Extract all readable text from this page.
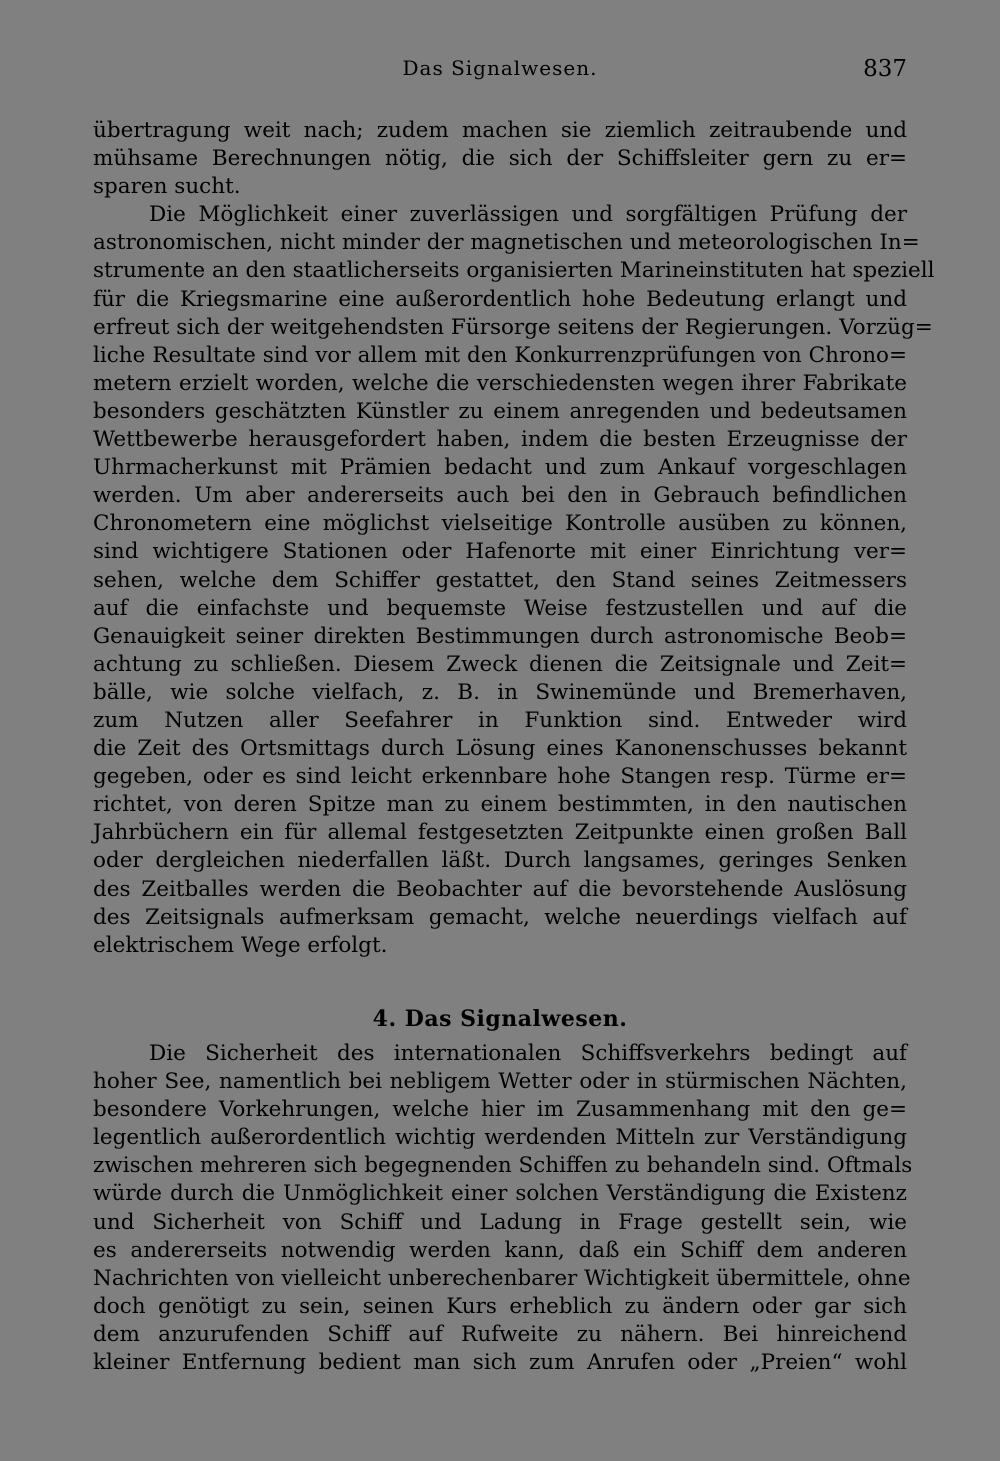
Das Signalwesen.	837
übertragung weit nach; zudem machen sie ziemlich zeitraubende und
mühsame Berechnungen nötig, die sich der Schiffsleiter gern zu er=
sparen sucht.
Die Möglichkeit einer zuverlässigen und sorgfältigen Prüfung der
astronomischen, nicht minder der magnetischen und meteorologischen In=
strumente an den staatlicherseits organisierten Marineinstituten hat speziell
für die Kriegsmarine eine außerordentlich hohe Bedeutung erlangt und
erfreut sich der weitgehendsten Fürsorge seitens der Regierungen. Vorzüg=
liche Resultate sind vor allem mit den Konkurrenzprüfungen von Chrono=
metern erzielt worden, welche die verschiedensten wegen ihrer Fabrikate
besonders geschätzten Künstler zu einem anregenden und bedeutsamen
Wettbewerbe herausgefordert haben, indem die besten Erzeugnisse der
Uhrmacherkunst mit Prämien bedacht und zum Ankauf vorgeschlagen
werden. Um aber andererseits auch bei den in Gebrauch befindlichen
Chronometern eine möglichst vielseitige Kontrolle ausüben zu können,
sind wichtigere Stationen oder Hafenorte mit einer Einrichtung ver=
sehen, welche dem Schiffer gestattet, den Stand seines Zeitmessers
auf die einfachste und bequemste Weise festzustellen und auf die
Genauigkeit seiner direkten Bestimmungen durch astronomische Beob=
achtung zu schließen. Diesem Zweck dienen die Zeitsignale und Zeit=
bälle, wie solche vielfach, z. B. in Swinemünde und Bremerhaven,
zum Nutzen aller Seefahrer in Funktion sind. Entweder wird
die Zeit des Ortsmittags durch Lösung eines Kanonenschusses bekannt
gegeben, oder es sind leicht erkennbare hohe Stangen resp. Türme er=
richtet, von deren Spitze man zu einem bestimmten, in den nautischen
Jahrbüchern ein für allemal festgesetzten Zeitpunkte einen großen Ball
oder dergleichen niederfallen läßt. Durch langsames, geringes Senken
des Zeitballes werden die Beobachter auf die bevorstehende Auslösung
des Zeitsignals aufmerksam gemacht, welche neuerdings vielfach auf
elektrischem Wege erfolgt.
4. Das Signalwesen.
Die Sicherheit des internationalen Schiffsverkehrs bedingt auf
hoher See, namentlich bei nebligem Wetter oder in stürmischen Nächten,
besondere Vorkehrungen, welche hier im Zusammenhang mit den ge=
legentlich außerordentlich wichtig werdenden Mitteln zur Verständigung
zwischen mehreren sich begegnenden Schiffen zu behandeln sind. Oftmals
würde durch die Unmöglichkeit einer solchen Verständigung die Existenz
und Sicherheit von Schiff und Ladung in Frage gestellt sein, wie
es andererseits notwendig werden kann, daß ein Schiff dem anderen
Nachrichten von vielleicht unberechenbarer Wichtigkeit übermittele, ohne
doch genötigt zu sein, seinen Kurs erheblich zu ändern oder gar sich
dem anzurufenden Schiff auf Rufweite zu nähern. Bei hinreichend
kleiner Entfernung bedient man sich zum Anrufen oder „Preien“ wohl
